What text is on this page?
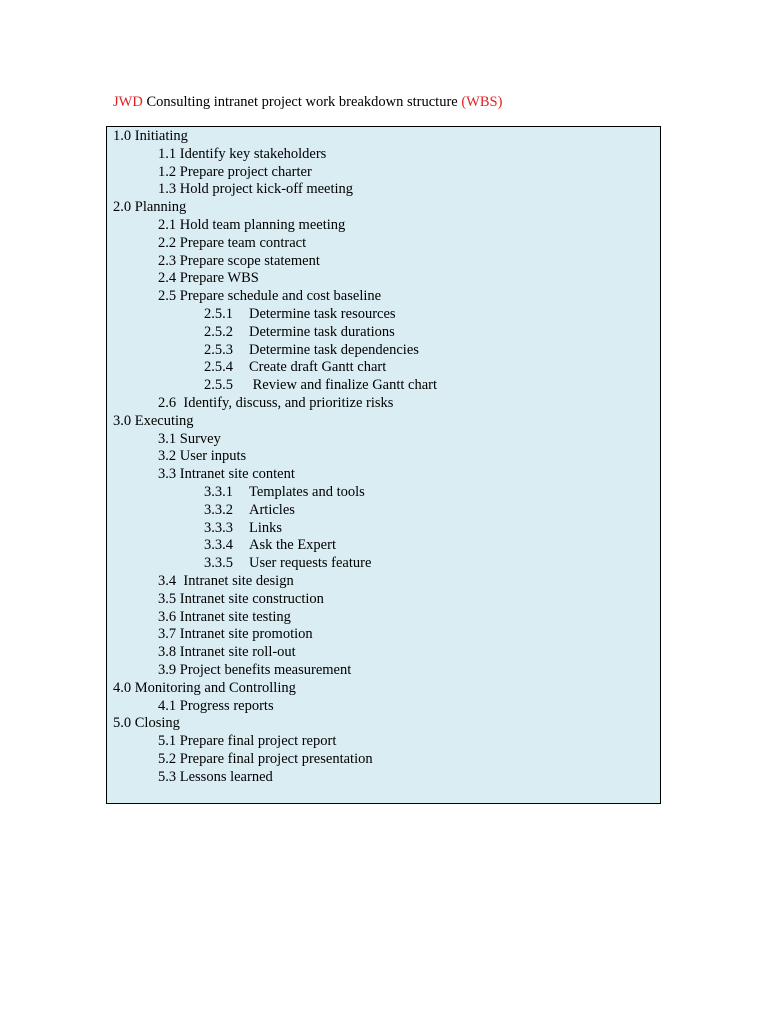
JWD Consulting intranet project work breakdown structure (WBS)
1.0 Initiating
1.1 Identify key stakeholders
1.2 Prepare project charter
1.3 Hold project kick-off meeting
2.0 Planning
2.1 Hold team planning meeting
2.2 Prepare team contract
2.3 Prepare scope statement
2.4 Prepare WBS
2.5 Prepare schedule and cost baseline
2.5.1 Determine task resources
2.5.2 Determine task durations
2.5.3 Determine task dependencies
2.5.4 Create draft Gantt chart
2.5.5 Review and finalize Gantt chart
2.6  Identify, discuss, and prioritize risks
3.0 Executing
3.1 Survey
3.2 User inputs
3.3 Intranet site content
3.3.1 Templates and tools
3.3.2 Articles
3.3.3 Links
3.3.4 Ask the Expert
3.3.5 User requests feature
3.4  Intranet site design
3.5 Intranet site construction
3.6 Intranet site testing
3.7 Intranet site promotion
3.8 Intranet site roll-out
3.9 Project benefits measurement
4.0 Monitoring and Controlling
4.1 Progress reports
5.0 Closing
5.1 Prepare final project report
5.2 Prepare final project presentation
5.3 Lessons learned
